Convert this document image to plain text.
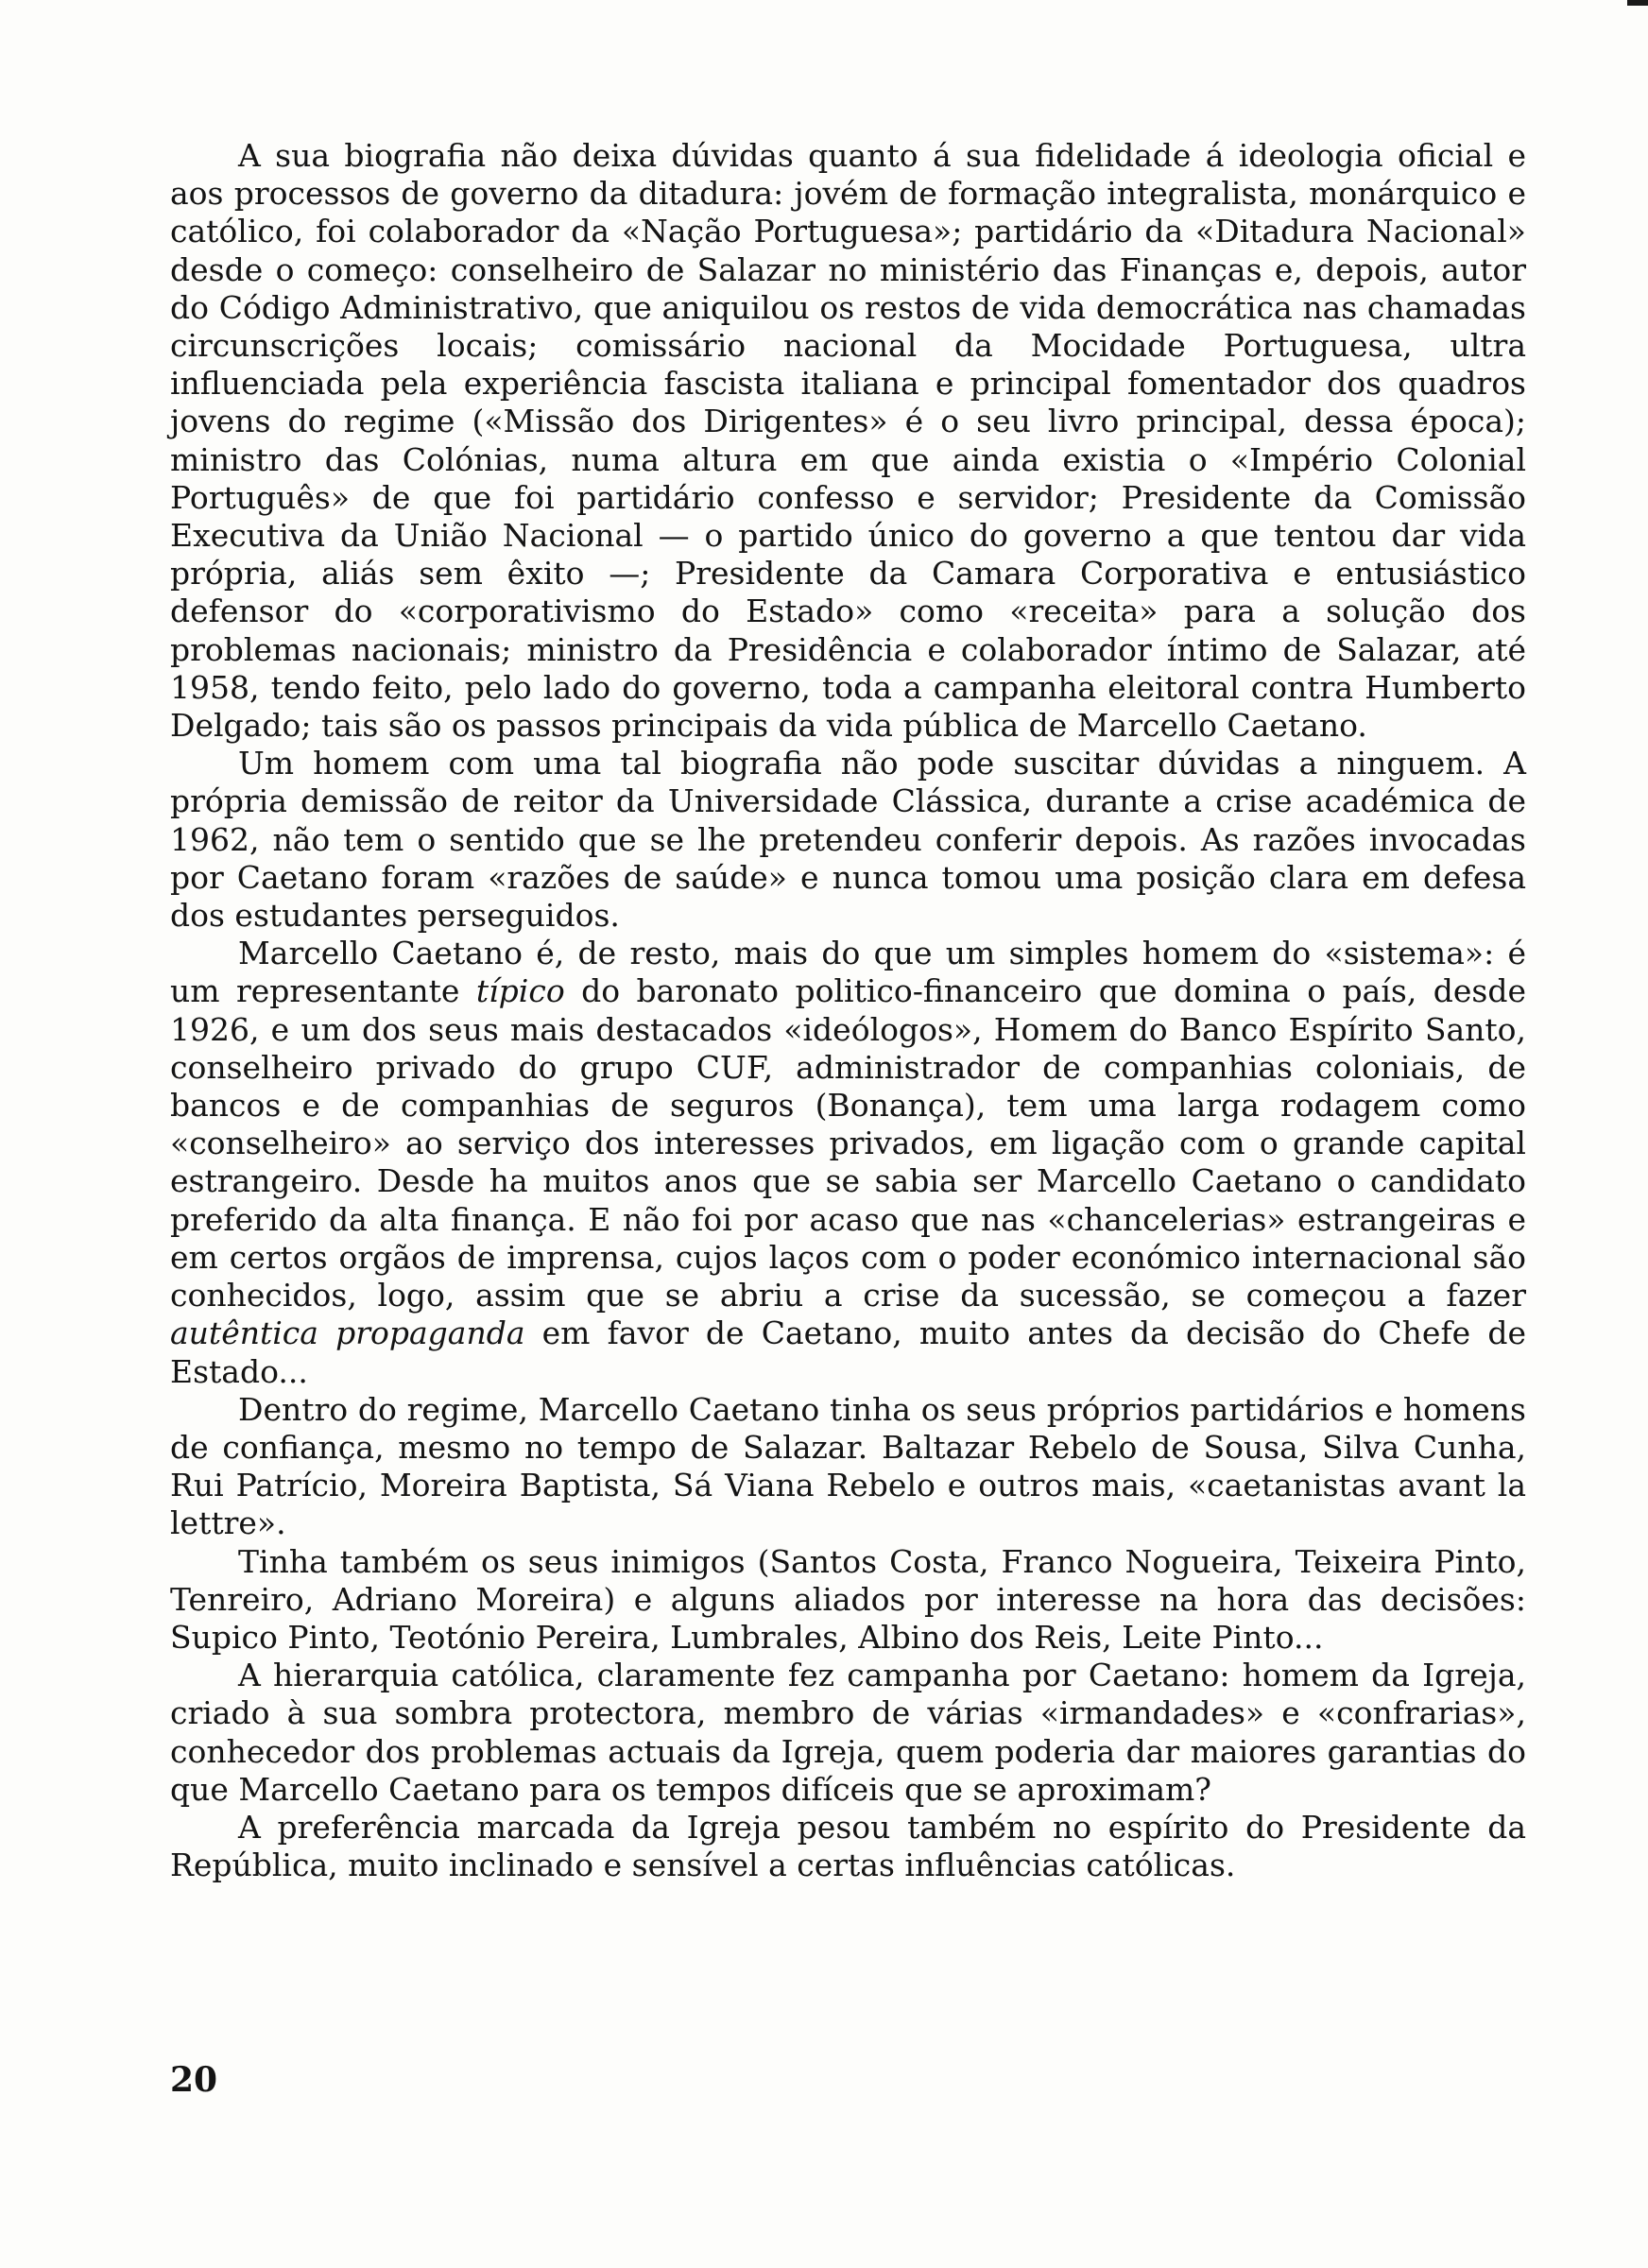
A sua biografia não deixa dúvidas quanto á sua fidelidade á ideologia oficial e aos processos de governo da ditadura: jovém de formação integralista, monárquico e católico, foi colaborador da «Nação Portuguesa»; partidário da «Ditadura Nacional» desde o começo: conselheiro de Salazar no ministério das Finanças e, depois, autor do Código Administrativo, que aniquilou os restos de vida democrática nas chamadas circunscrições locais; comissário nacional da Mocidade Portuguesa, ultra influenciada pela experiência fascista italiana e principal fomentador dos quadros jovens do regime («Missão dos Dirigentes» é o seu livro principal, dessa época); ministro das Colónias, numa altura em que ainda existia o «Império Colonial Português» de que foi partidário confesso e servidor; Presidente da Comissão Executiva da União Nacional — o partido único do governo a que tentou dar vida própria, aliás sem êxito —; Presidente da Camara Corporativa e entusiástico defensor do «corporativismo do Estado» como «receita» para a solução dos problemas nacionais; ministro da Presidência e colaborador íntimo de Salazar, até 1958, tendo feito, pelo lado do governo, toda a campanha eleitoral contra Humberto Delgado; tais são os passos principais da vida pública de Marcello Caetano.

Um homem com uma tal biografia não pode suscitar dúvidas a ninguem. A própria demissão de reitor da Universidade Clássica, durante a crise académica de 1962, não tem o sentido que se lhe pretendeu conferir depois. As razões invocadas por Caetano foram «razões de saúde» e nunca tomou uma posição clara em defesa dos estudantes perseguidos.

Marcello Caetano é, de resto, mais do que um simples homem do «sistema»: é um representante típico do baronato politico-financeiro que domina o país, desde 1926, e um dos seus mais destacados «ideólogos», Homem do Banco Espírito Santo, conselheiro privado do grupo CUF, administrador de companhias coloniais, de bancos e de companhias de seguros (Bonança), tem uma larga rodagem como «conselheiro» ao serviço dos interesses privados, em ligação com o grande capital estrangeiro. Desde ha muitos anos que se sabia ser Marcello Caetano o candidato preferido da alta finança. E não foi por acaso que nas «chancelerias» estrangeiras e em certos orgãos de imprensa, cujos laços com o poder económico internacional são conhecidos, logo, assim que se abriu a crise da sucessão, se começou a fazer autêntica propaganda em favor de Caetano, muito antes da decisão do Chefe de Estado...

Dentro do regime, Marcello Caetano tinha os seus próprios partidários e homens de confiança, mesmo no tempo de Salazar. Baltazar Rebelo de Sousa, Silva Cunha, Rui Patrício, Moreira Baptista, Sá Viana Rebelo e outros mais, «caetanistas avant la lettre».

Tinha também os seus inimigos (Santos Costa, Franco Nogueira, Teixeira Pinto, Tenreiro, Adriano Moreira) e alguns aliados por interesse na hora das decisões: Supico Pinto, Teotónio Pereira, Lumbrales, Albino dos Reis, Leite Pinto...

A hierarquia católica, claramente fez campanha por Caetano: homem da Igreja, criado à sua sombra protectora, membro de várias «irmandades» e «confrarias», conhecedor dos problemas actuais da Igreja, quem poderia dar maiores garantias do que Marcello Caetano para os tempos difíceis que se aproximam?

A preferência marcada da Igreja pesou também no espírito do Presidente da República, muito inclinado e sensível a certas influências católicas.

20
